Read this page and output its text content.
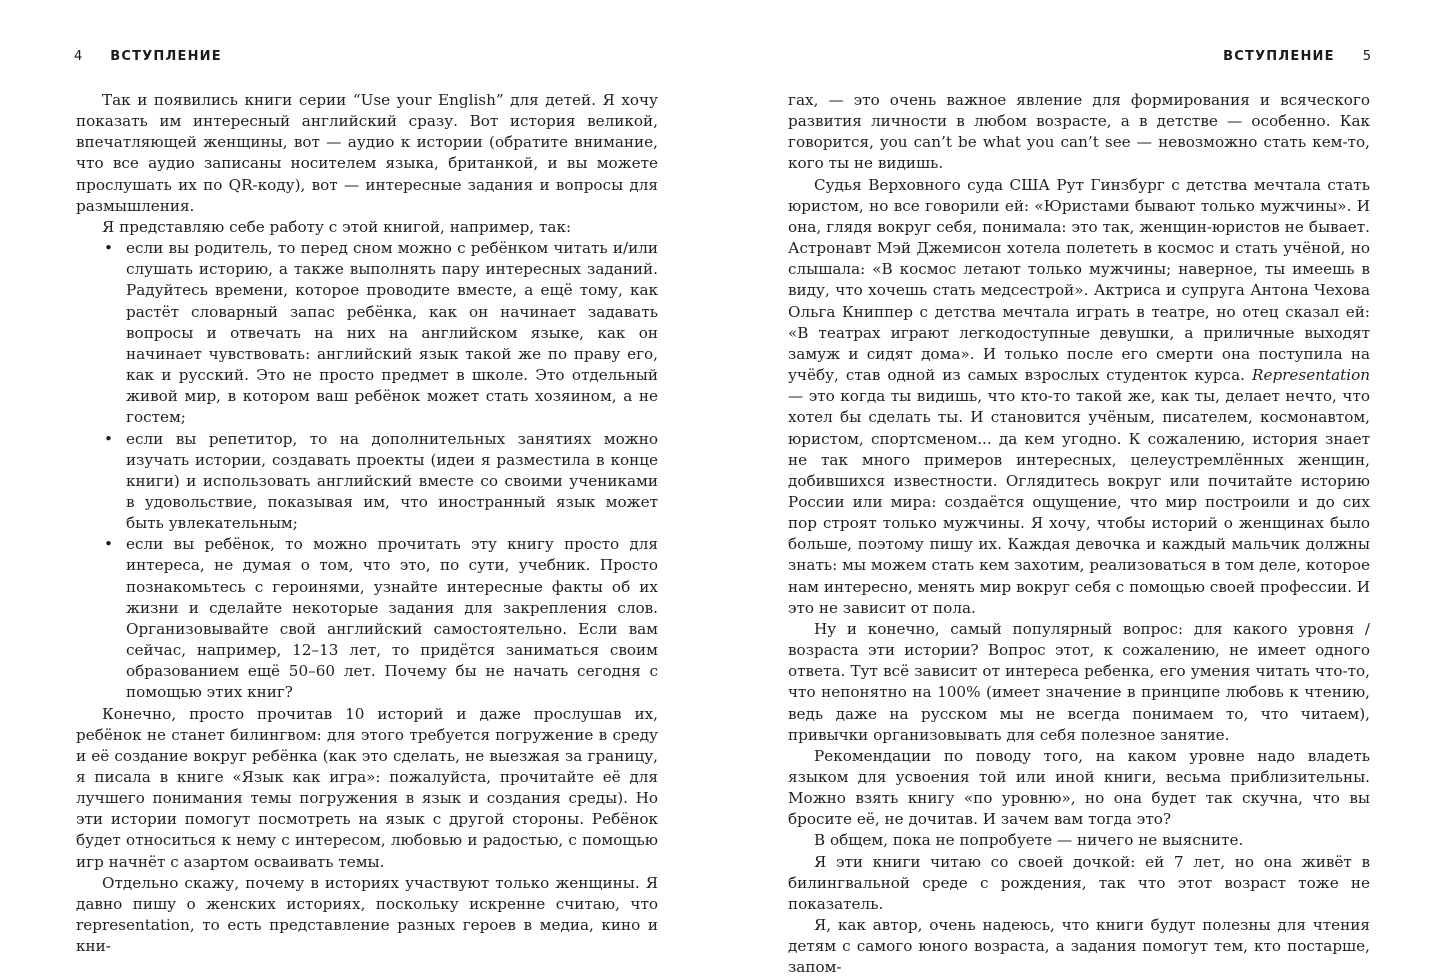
4 ВСТУПЛЕНИЕ

Так и появились книги серии “Use your English” для детей. Я хочу показать им интересный английский сразу. Вот история великой, впечатляющей женщины, вот — аудио к истории (обратите внимание, что все аудио записаны носителем языка, британкой, и вы можете прослушать их по QR-коду), вот — интересные задания и вопросы для размышления.

Я представляю себе работу с этой книгой, например, так:

• если вы родитель, то перед сном можно с ребёнком читать и/или слушать историю, а также выполнять пару интересных заданий. Радуйтесь времени, которое проводите вместе, а ещё тому, как растёт словарный запас ребёнка, как он начинает задавать вопросы и отвечать на них на английском языке, как он начинает чувствовать: английский язык такой же по праву его, как и русский. Это не просто предмет в школе. Это отдельный живой мир, в котором ваш ребёнок может стать хозяином, а не гостем;
• если вы репетитор, то на дополнительных занятиях можно изучать истории, создавать проекты (идеи я разместила в конце книги) и использовать английский вместе со своими учениками в удовольствие, показывая им, что иностранный язык может быть увлекательным;
• если вы ребёнок, то можно прочитать эту книгу просто для интереса, не думая о том, что это, по сути, учебник. Просто познакомьтесь с героинями, узнайте интересные факты об их жизни и сделайте некоторые задания для закрепления слов. Организовывайте свой английский самостоятельно. Если вам сейчас, например, 12–13 лет, то придётся заниматься своим образованием ещё 50–60 лет. Почему бы не начать сегодня с помощью этих книг?

Конечно, просто прочитав 10 историй и даже прослушав их, ребёнок не станет билингвом: для этого требуется погружение в среду и её создание вокруг ребёнка (как это сделать, не выезжая за границу, я писала в книге «Язык как игра»: пожалуйста, прочитайте её для лучшего понимания темы погружения в язык и создания среды). Но эти истории помогут посмотреть на язык с другой стороны. Ребёнок будет относиться к нему с интересом, любовью и радостью, с помощью игр начнёт с азартом осваивать темы.

Отдельно скажу, почему в историях участвуют только женщины. Я давно пишу о женских историях, поскольку искренне считаю, что representation, то есть представление разных героев в медиа, кино и кни-

ВСТУПЛЕНИЕ 5

гах, — это очень важное явление для формирования и всяческого развития личности в любом возрасте, а в детстве — особенно. Как говорится, you can’t be what you can’t see — невозможно стать кем-то, кого ты не видишь.

Судья Верховного суда США Рут Гинзбург с детства мечтала стать юристом, но все говорили ей: «Юристами бывают только мужчины». И она, глядя вокруг себя, понимала: это так, женщин-юристов не бывает. Астронавт Мэй Джемисон хотела полететь в космос и стать учёной, но слышала: «В космос летают только мужчины; наверное, ты имеешь в виду, что хочешь стать медсестрой». Актриса и супруга Антона Чехова Ольга Книппер с детства мечтала играть в театре, но отец сказал ей: «В театрах играют легкодоступные девушки, а приличные выходят замуж и сидят дома». И только после его смерти она поступила на учёбу, став одной из самых взрослых студенток курса. Representation — это когда ты видишь, что кто-то такой же, как ты, делает нечто, что хотел бы сделать ты. И становится учёным, писателем, космонавтом, юристом, спортсменом... да кем угодно. К сожалению, история знает не так много примеров интересных, целеустремлённых женщин, добившихся известности. Оглядитесь вокруг или почитайте историю России или мира: создаётся ощущение, что мир построили и до сих пор строят только мужчины. Я хочу, чтобы историй о женщинах было больше, поэтому пишу их. Каждая девочка и каждый мальчик должны знать: мы можем стать кем захотим, реализоваться в том деле, которое нам интересно, менять мир вокруг себя с помощью своей профессии. И это не зависит от пола.

Ну и конечно, самый популярный вопрос: для какого уровня / возраста эти истории? Вопрос этот, к сожалению, не имеет одного ответа. Тут всё зависит от интереса ребенка, его умения читать что-то, что непонятно на 100% (имеет значение в принципе любовь к чтению, ведь даже на русском мы не всегда понимаем то, что читаем), привычки организовывать для себя полезное занятие.

Рекомендации по поводу того, на каком уровне надо владеть языком для усвоения той или иной книги, весьма приблизительны. Можно взять книгу «по уровню», но она будет так скучна, что вы бросите её, не дочитав. И зачем вам тогда это?

В общем, пока не попробуете — ничего не выясните.

Я эти книги читаю со своей дочкой: ей 7 лет, но она живёт в билингвальной среде с рождения, так что этот возраст тоже не показатель.

Я, как автор, очень надеюсь, что книги будут полезны для чтения детям с самого юного возраста, а задания помогут тем, кто постарше, запом-
